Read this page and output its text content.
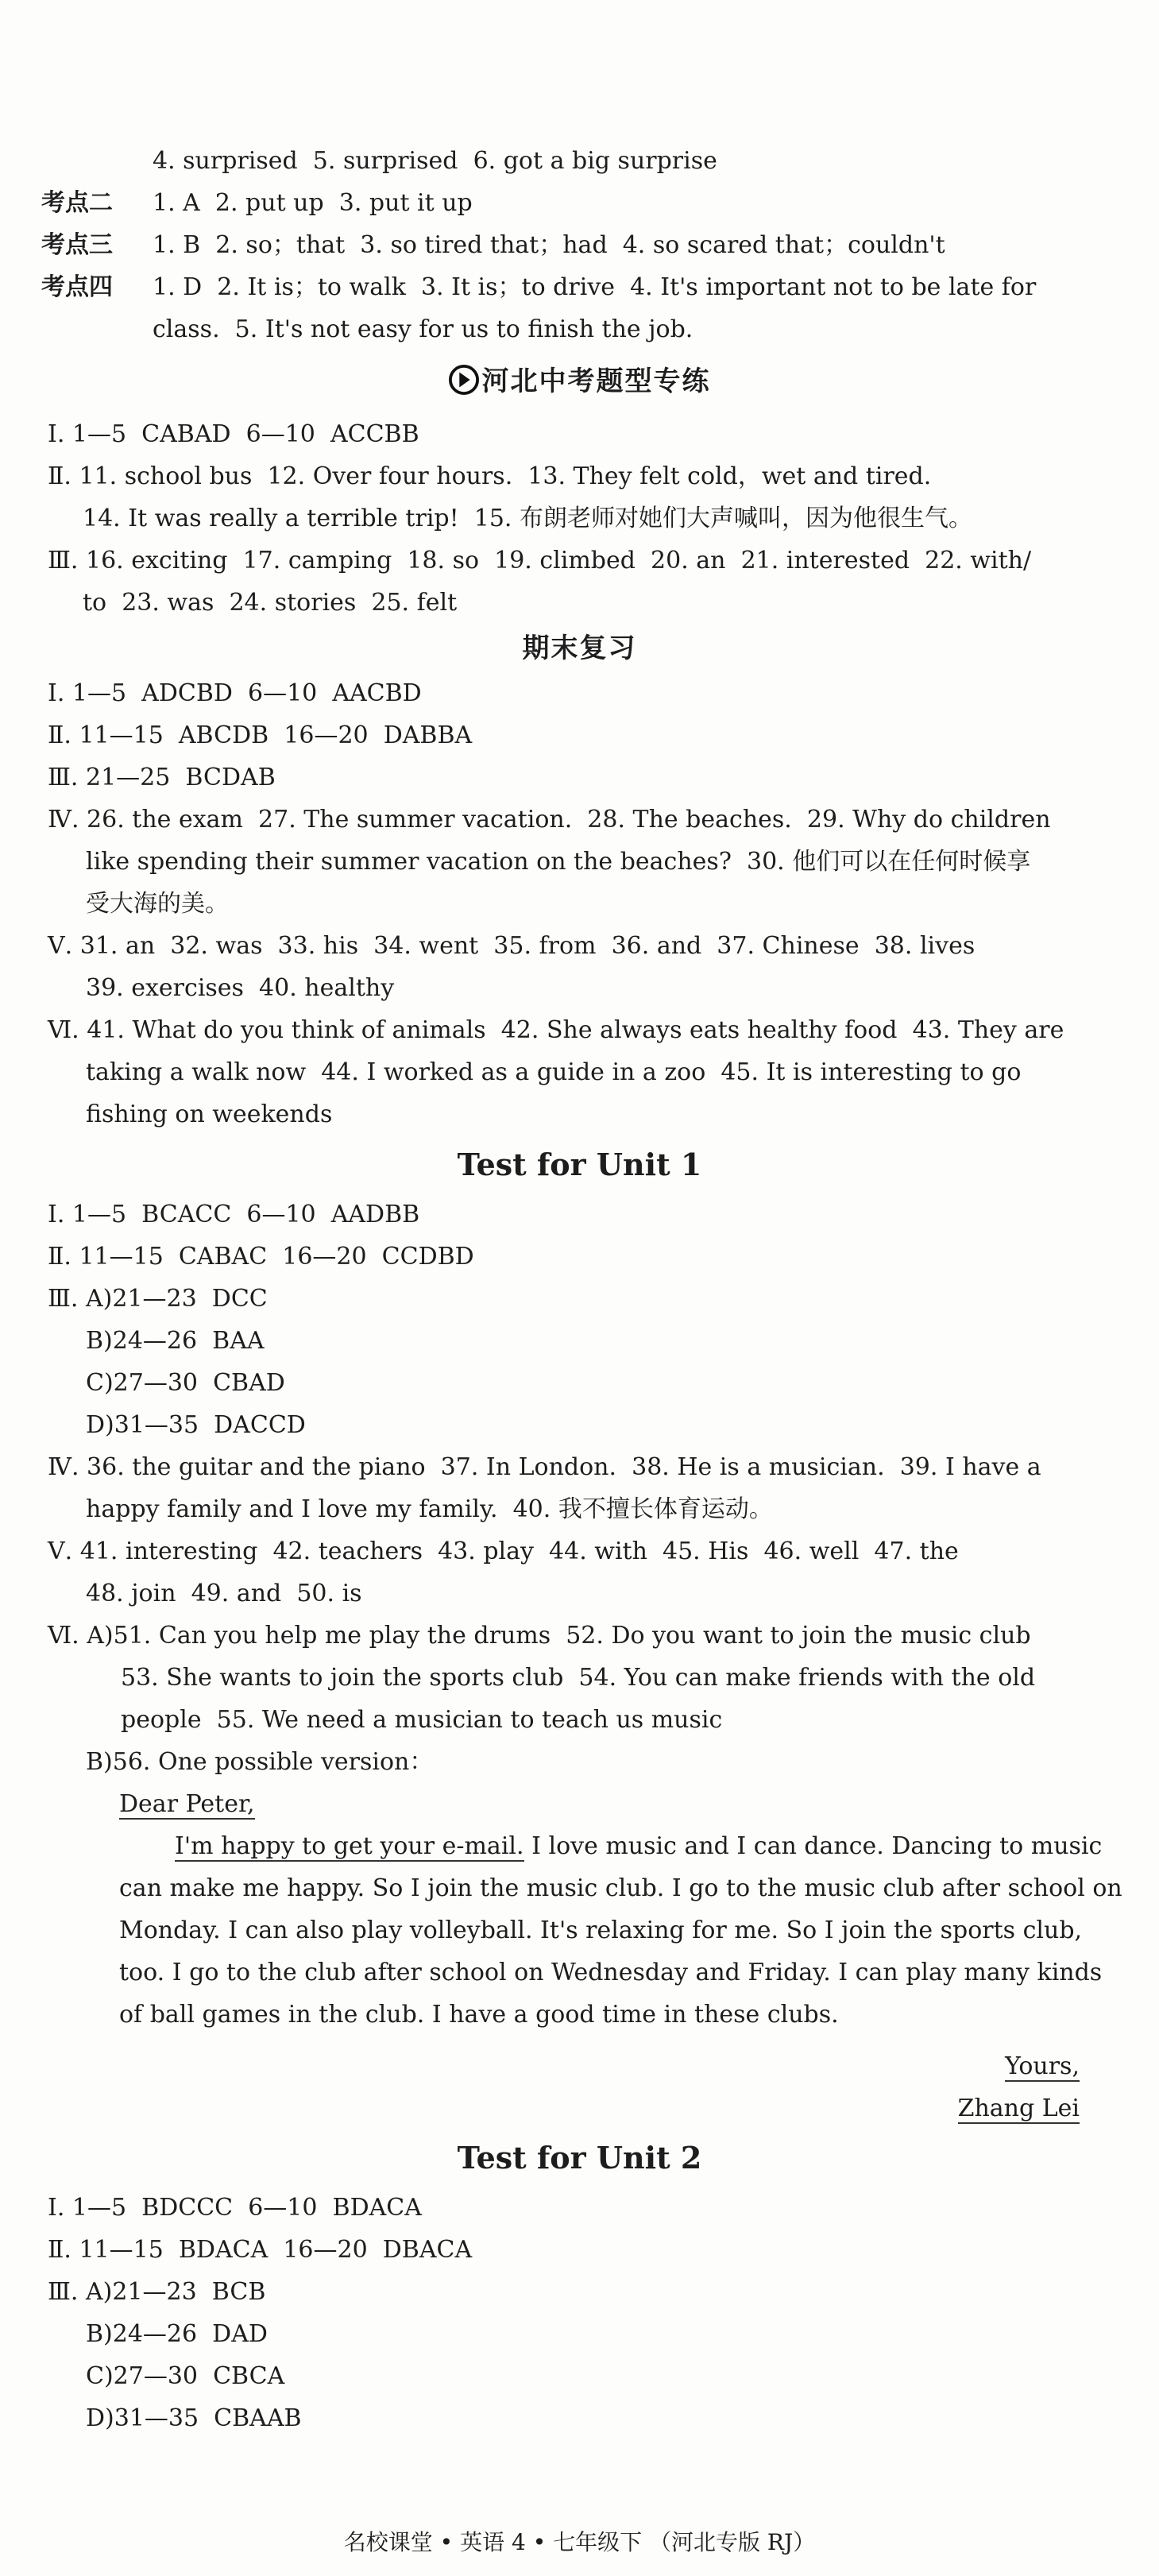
4. surprised  5. surprised  6. got a big surprise
考点二 1. A  2. put up  3. put it up
考点三 1. B  2. so；that  3. so tired that；had  4. so scared that；couldn't
考点四 1. D  2. It is；to walk  3. It is；to drive  4. It's important not to be late for
class.  5. It's not easy for us to finish the job.
河北中考题型专练
Ⅰ. 1—5  CABAD  6—10  ACCBB
Ⅱ. 11. school bus  12. Over four hours.  13. They felt cold，wet and tired.
14. It was really a terrible trip!  15. 布朗老师对她们大声喊叫，因为他很生气。
Ⅲ. 16. exciting  17. camping  18. so  19. climbed  20. an  21. interested  22. with/
to  23. was  24. stories  25. felt
期末复习
Ⅰ. 1—5  ADCBD  6—10  AACBD
Ⅱ. 11—15  ABCDB  16—20  DABBA
Ⅲ. 21—25  BCDAB
Ⅳ. 26. the exam  27. The summer vacation.  28. The beaches.  29. Why do children
like spending their summer vacation on the beaches?  30. 他们可以在任何时候享
受大海的美。
Ⅴ. 31. an  32. was  33. his  34. went  35. from  36. and  37. Chinese  38. lives
39. exercises  40. healthy
Ⅵ. 41. What do you think of animals  42. She always eats healthy food  43. They are
taking a walk now  44. I worked as a guide in a zoo  45. It is interesting to go
fishing on weekends
Test for Unit 1
Ⅰ. 1—5  BCACC  6—10  AADBB
Ⅱ. 11—15  CABAC  16—20  CCDBD
Ⅲ. A)21—23  DCC
B)24—26  BAA
C)27—30  CBAD
D)31—35  DACCD
Ⅳ. 36. the guitar and the piano  37. In London.  38. He is a musician.  39. I have a
happy family and I love my family.  40. 我不擅长体育运动。
Ⅴ. 41. interesting  42. teachers  43. play  44. with  45. His  46. well  47. the
48. join  49. and  50. is
Ⅵ. A)51. Can you help me play the drums  52. Do you want to join the music club
53. She wants to join the sports club  54. You can make friends with the old
people  55. We need a musician to teach us music
B)56. One possible version：
Dear Peter,
I'm happy to get your e-mail. I love music and I can dance. Dancing to music
can make me happy. So I join the music club. I go to the music club after school on
Monday. I can also play volleyball. It's relaxing for me. So I join the sports club,
too. I go to the club after school on Wednesday and Friday. I can play many kinds
of ball games in the club. I have a good time in these clubs.
Yours,
Zhang Lei
Test for Unit 2
Ⅰ. 1—5  BDCCC  6—10  BDACA
Ⅱ. 11—15  BDACA  16—20  DBACA
Ⅲ. A)21—23  BCB
B)24—26  DAD
C)27—30  CBCA
D)31—35  CBAAB
名校课堂 • 英语 4 • 七年级下 （河北专版 RJ）
